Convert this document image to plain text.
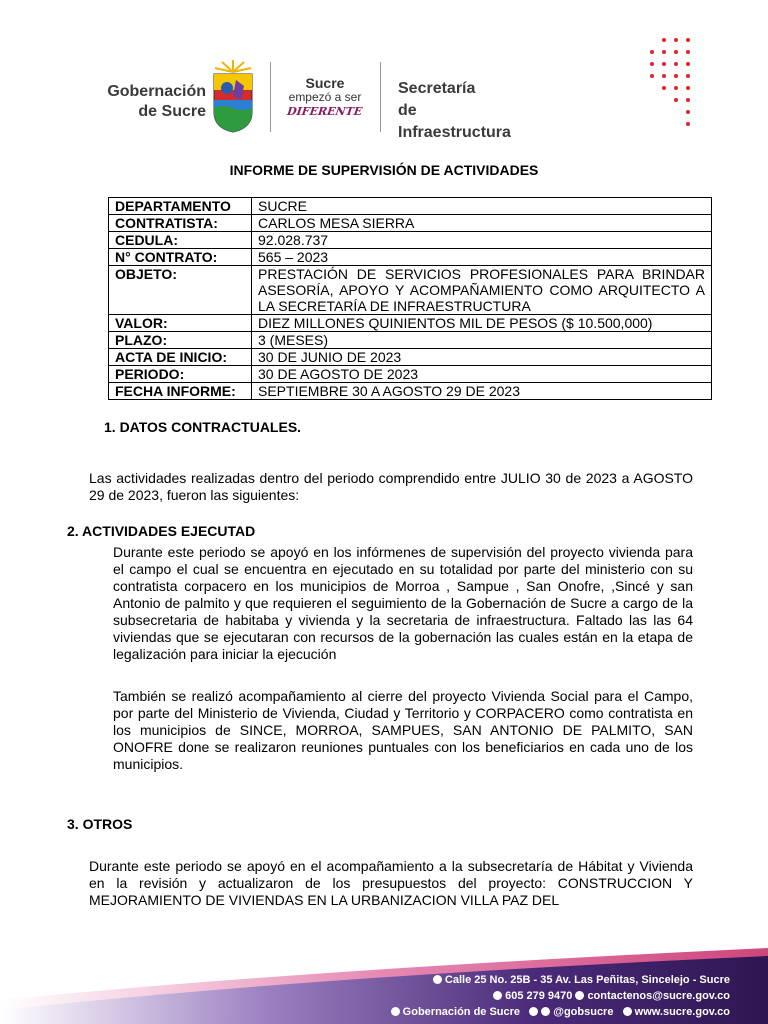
Gobernación
de Sucre
Sucre
empezó a ser
DIFERENTE
Secretaría
de Infraestructura
INFORME DE SUPERVISIÓN DE ACTIVIDADES
DEPARTAMENTO	SUCRE
CONTRATISTA:	CARLOS MESA SIERRA
CEDULA:	92.028.737
N° CONTRATO:	565 – 2023
OBJETO:	PRESTACIÓN DE SERVICIOS PROFESIONALES PARA BRINDAR ASESORÍA, APOYO Y ACOMPAÑAMIENTO COMO ARQUITECTO A LA SECRETARÍA DE INFRAESTRUCTURA
VALOR:	DIEZ MILLONES QUINIENTOS MIL DE PESOS ($ 10.500,000)
PLAZO:	3 (MESES)
ACTA DE INICIO:	30 DE JUNIO DE 2023
PERIODO:	30 DE AGOSTO DE 2023
FECHA INFORME:	SEPTIEMBRE 30 A AGOSTO 29 DE 2023
1. DATOS CONTRACTUALES.
Las actividades realizadas dentro del periodo comprendido entre JULIO 30 de 2023 a AGOSTO 29 de 2023, fueron las siguientes:
2. ACTIVIDADES EJECUTAD
Durante este periodo se apoyó en los infórmenes de supervisión del proyecto vivienda para el campo el cual se encuentra en ejecutado en su totalidad por parte del ministerio con su contratista corpacero en los municipios de Morroa , Sampue , San Onofre, ,Sincé y san Antonio de palmito y que requieren el seguimiento de la Gobernación de Sucre a cargo de la subsecretaria de habitaba y vivienda y la secretaria de infraestructura. Faltado las las 64 viviendas que se ejecutaran con recursos de la gobernación las cuales están en la etapa de legalización para iniciar la ejecución
También se realizó acompañamiento al cierre del proyecto Vivienda Social para el Campo, por parte del Ministerio de Vivienda, Ciudad y Territorio y CORPACERO como contratista en los municipios de SINCE, MORROA, SAMPUES, SAN ANTONIO DE PALMITO, SAN ONOFRE done se realizaron reuniones puntuales con los beneficiarios en cada uno de los municipios.
3. OTROS
Durante este periodo se apoyó en el acompañamiento a la subsecretaría de Hábitat y Vivienda en la revisión y actualizaron de los presupuestos del proyecto: CONSTRUCCION Y MEJORAMIENTO DE VIVIENDAS EN LA URBANIZACION VILLA PAZ DEL
Calle 25 No. 25B - 35 Av. Las Peñitas, Sincelejo - Sucre
605 279 9470 contactenos@sucre.gov.co
Gobernación de Sucre	@gobsucre www.sucre.gov.co
